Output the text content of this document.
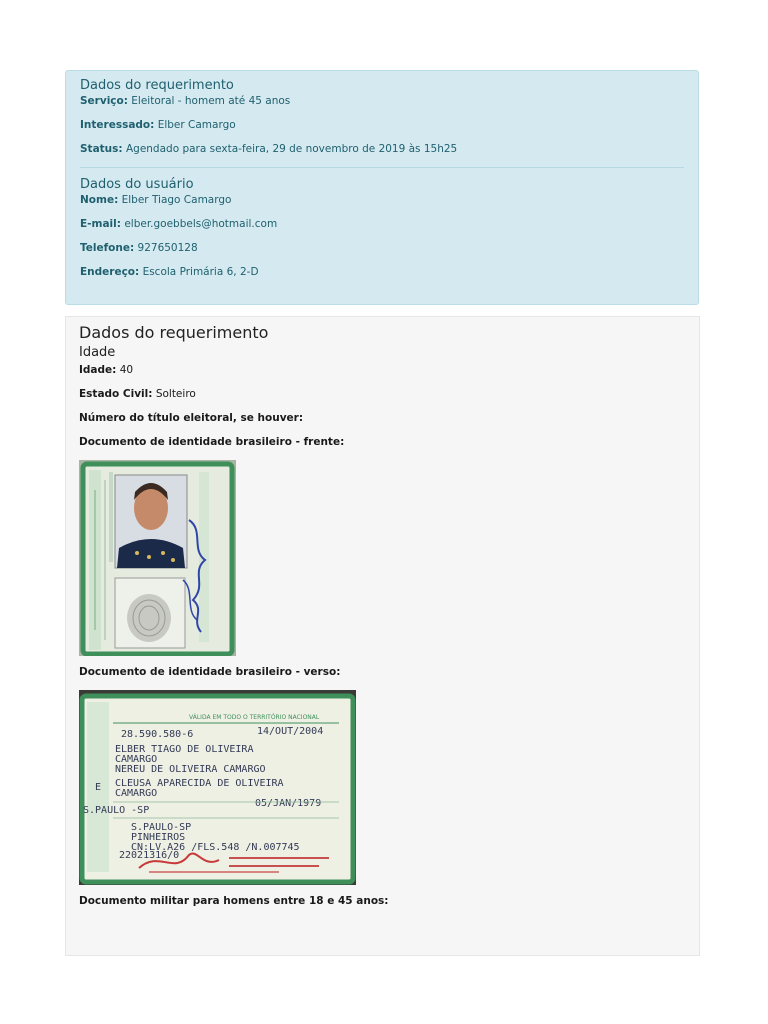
Dados do requerimento
Serviço: Eleitoral - homem até 45 anos
Interessado: Elber Camargo
Status: Agendado para sexta-feira, 29 de novembro de 2019 às 15h25
Dados do usuário
Nome: Elber Tiago Camargo
E-mail: elber.goebbels@hotmail.com
Telefone: 927650128
Endereço: Escola Primária 6, 2-D
Dados do requerimento
Idade
Idade: 40
Estado Civil: Solteiro
Número do título eleitoral, se houver:
Documento de identidade brasileiro - frente:
Documento de identidade brasileiro - verso:
VÁLIDA EM TODO O TERRITÓRIO NACIONAL
28.590.580-6	14/OUT/2004
ELBER TIAGO DE OLIVEIRA
CAMARGO
NEREU DE OLIVEIRA CAMARGO
E CLEUSA APARECIDA DE OLIVEIRA
CAMARGO
S.PAULO -SP
05/JAN/1979
S.PAULO-SP
PINHEIROS
CN:LV.A26 /FLS.548 /N.007745
22021316/0
Documento militar para homens entre 18 e 45 anos:
